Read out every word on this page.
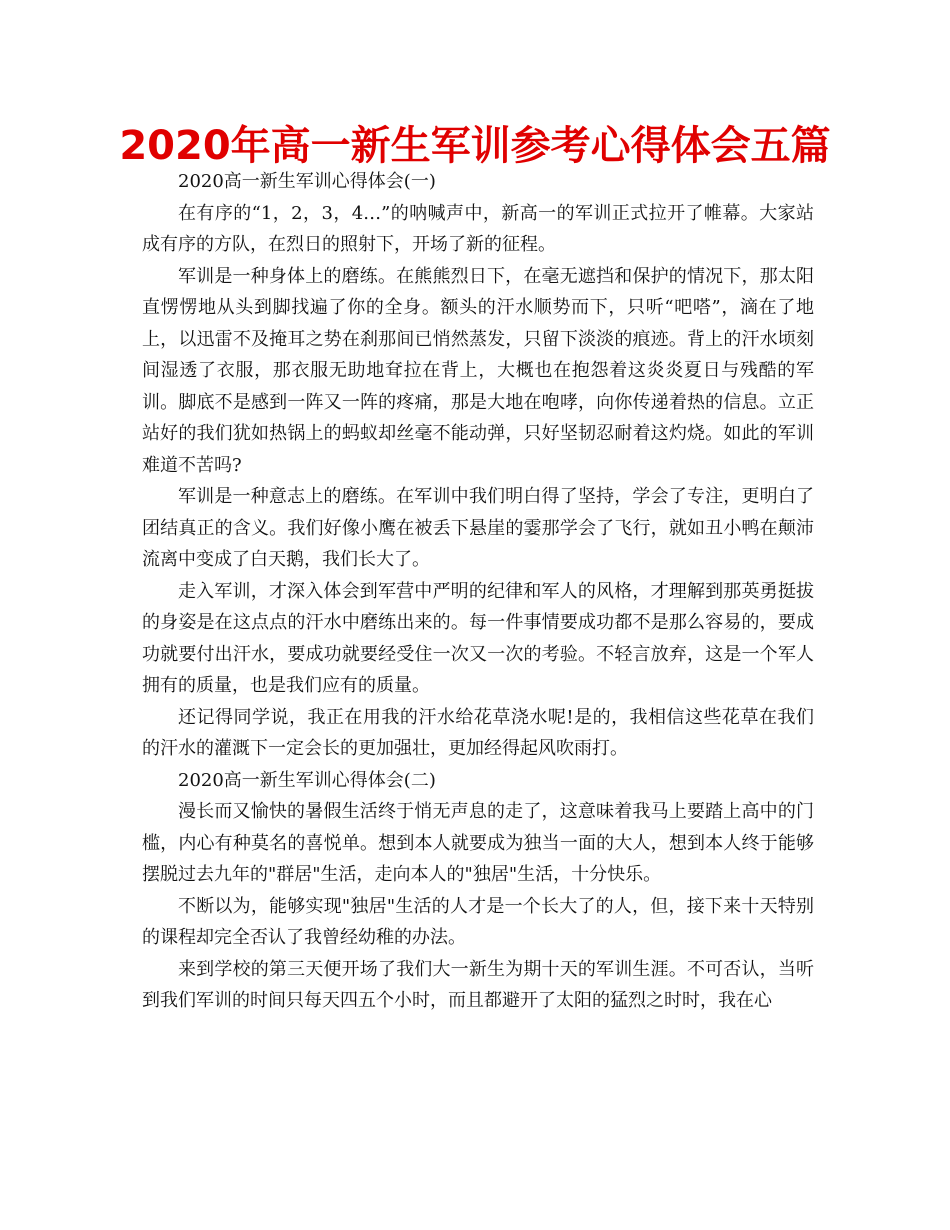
2020年高一新生军训参考心得体会五篇

2020高一新生军训心得体会(一)

在有序的“1，2，3，4…”的呐喊声中，新高一的军训正式拉开了帷幕。大家站成有序的方队，在烈日的照射下，开场了新的征程。

军训是一种身体上的磨练。在熊熊烈日下，在毫无遮挡和保护的情况下，那太阳直愣愣地从头到脚找遍了你的全身。额头的汗水顺势而下，只听“吧嗒”，滴在了地上，以迅雷不及掩耳之势在刹那间已悄然蒸发，只留下淡淡的痕迹。背上的汗水顷刻间湿透了衣服，那衣服无助地耷拉在背上，大概也在抱怨着这炎炎夏日与残酷的军训。脚底不是感到一阵又一阵的疼痛，那是大地在咆哮，向你传递着热的信息。立正站好的我们犹如热锅上的蚂蚁却丝毫不能动弹，只好坚韧忍耐着这灼烧。如此的军训难道不苦吗?

军训是一种意志上的磨练。在军训中我们明白得了坚持，学会了专注，更明白了团结真正的含义。我们好像小鹰在被丢下悬崖的霎那学会了飞行，就如丑小鸭在颠沛流离中变成了白天鹅，我们长大了。

走入军训，才深入体会到军营中严明的纪律和军人的风格，才理解到那英勇挺拔的身姿是在这点点的汗水中磨练出来的。每一件事情要成功都不是那么容易的，要成功就要付出汗水，要成功就要经受住一次又一次的考验。不轻言放弃，这是一个军人拥有的质量，也是我们应有的质量。

还记得同学说，我正在用我的汗水给花草浇水呢!是的，我相信这些花草在我们的汗水的灌溉下一定会长的更加强壮，更加经得起风吹雨打。

2020高一新生军训心得体会(二)

漫长而又愉快的暑假生活终于悄无声息的走了，这意味着我马上要踏上高中的门槛，内心有种莫名的喜悦单。想到本人就要成为独当一面的大人，想到本人终于能够摆脱过去九年的"群居"生活，走向本人的"独居"生活，十分快乐。

不断以为，能够实现"独居"生活的人才是一个长大了的人，但，接下来十天特别的课程却完全否认了我曾经幼稚的办法。

来到学校的第三天便开场了我们大一新生为期十天的军训生涯。不可否认，当听到我们军训的时间只每天四五个小时，而且都避开了太阳的猛烈之时时，我在心
